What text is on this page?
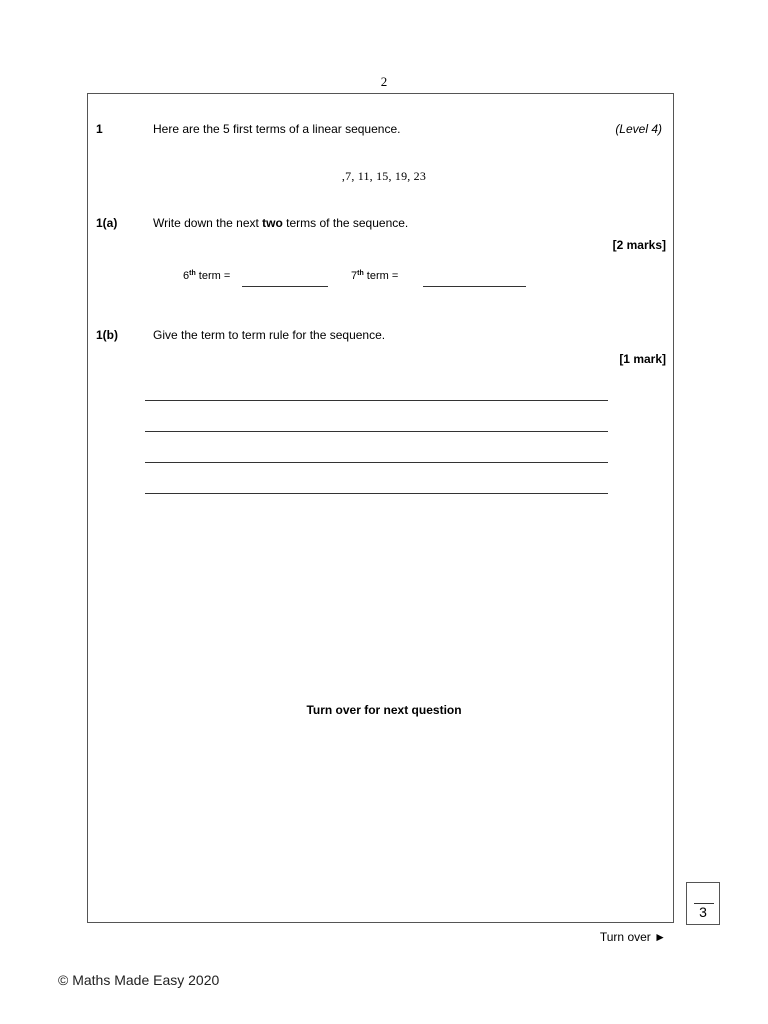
2
1	Here are the 5 first terms of a linear sequence.	(Level 4)
,7, 11, 15, 19, 23
1(a)	Write down the next two terms of the sequence.
[2 marks]
6th term =	7th term =
1(b)	Give the term to term rule for the sequence.
[1 mark]
Turn over for next question
3
Turn over ►
© Maths Made Easy 2020
